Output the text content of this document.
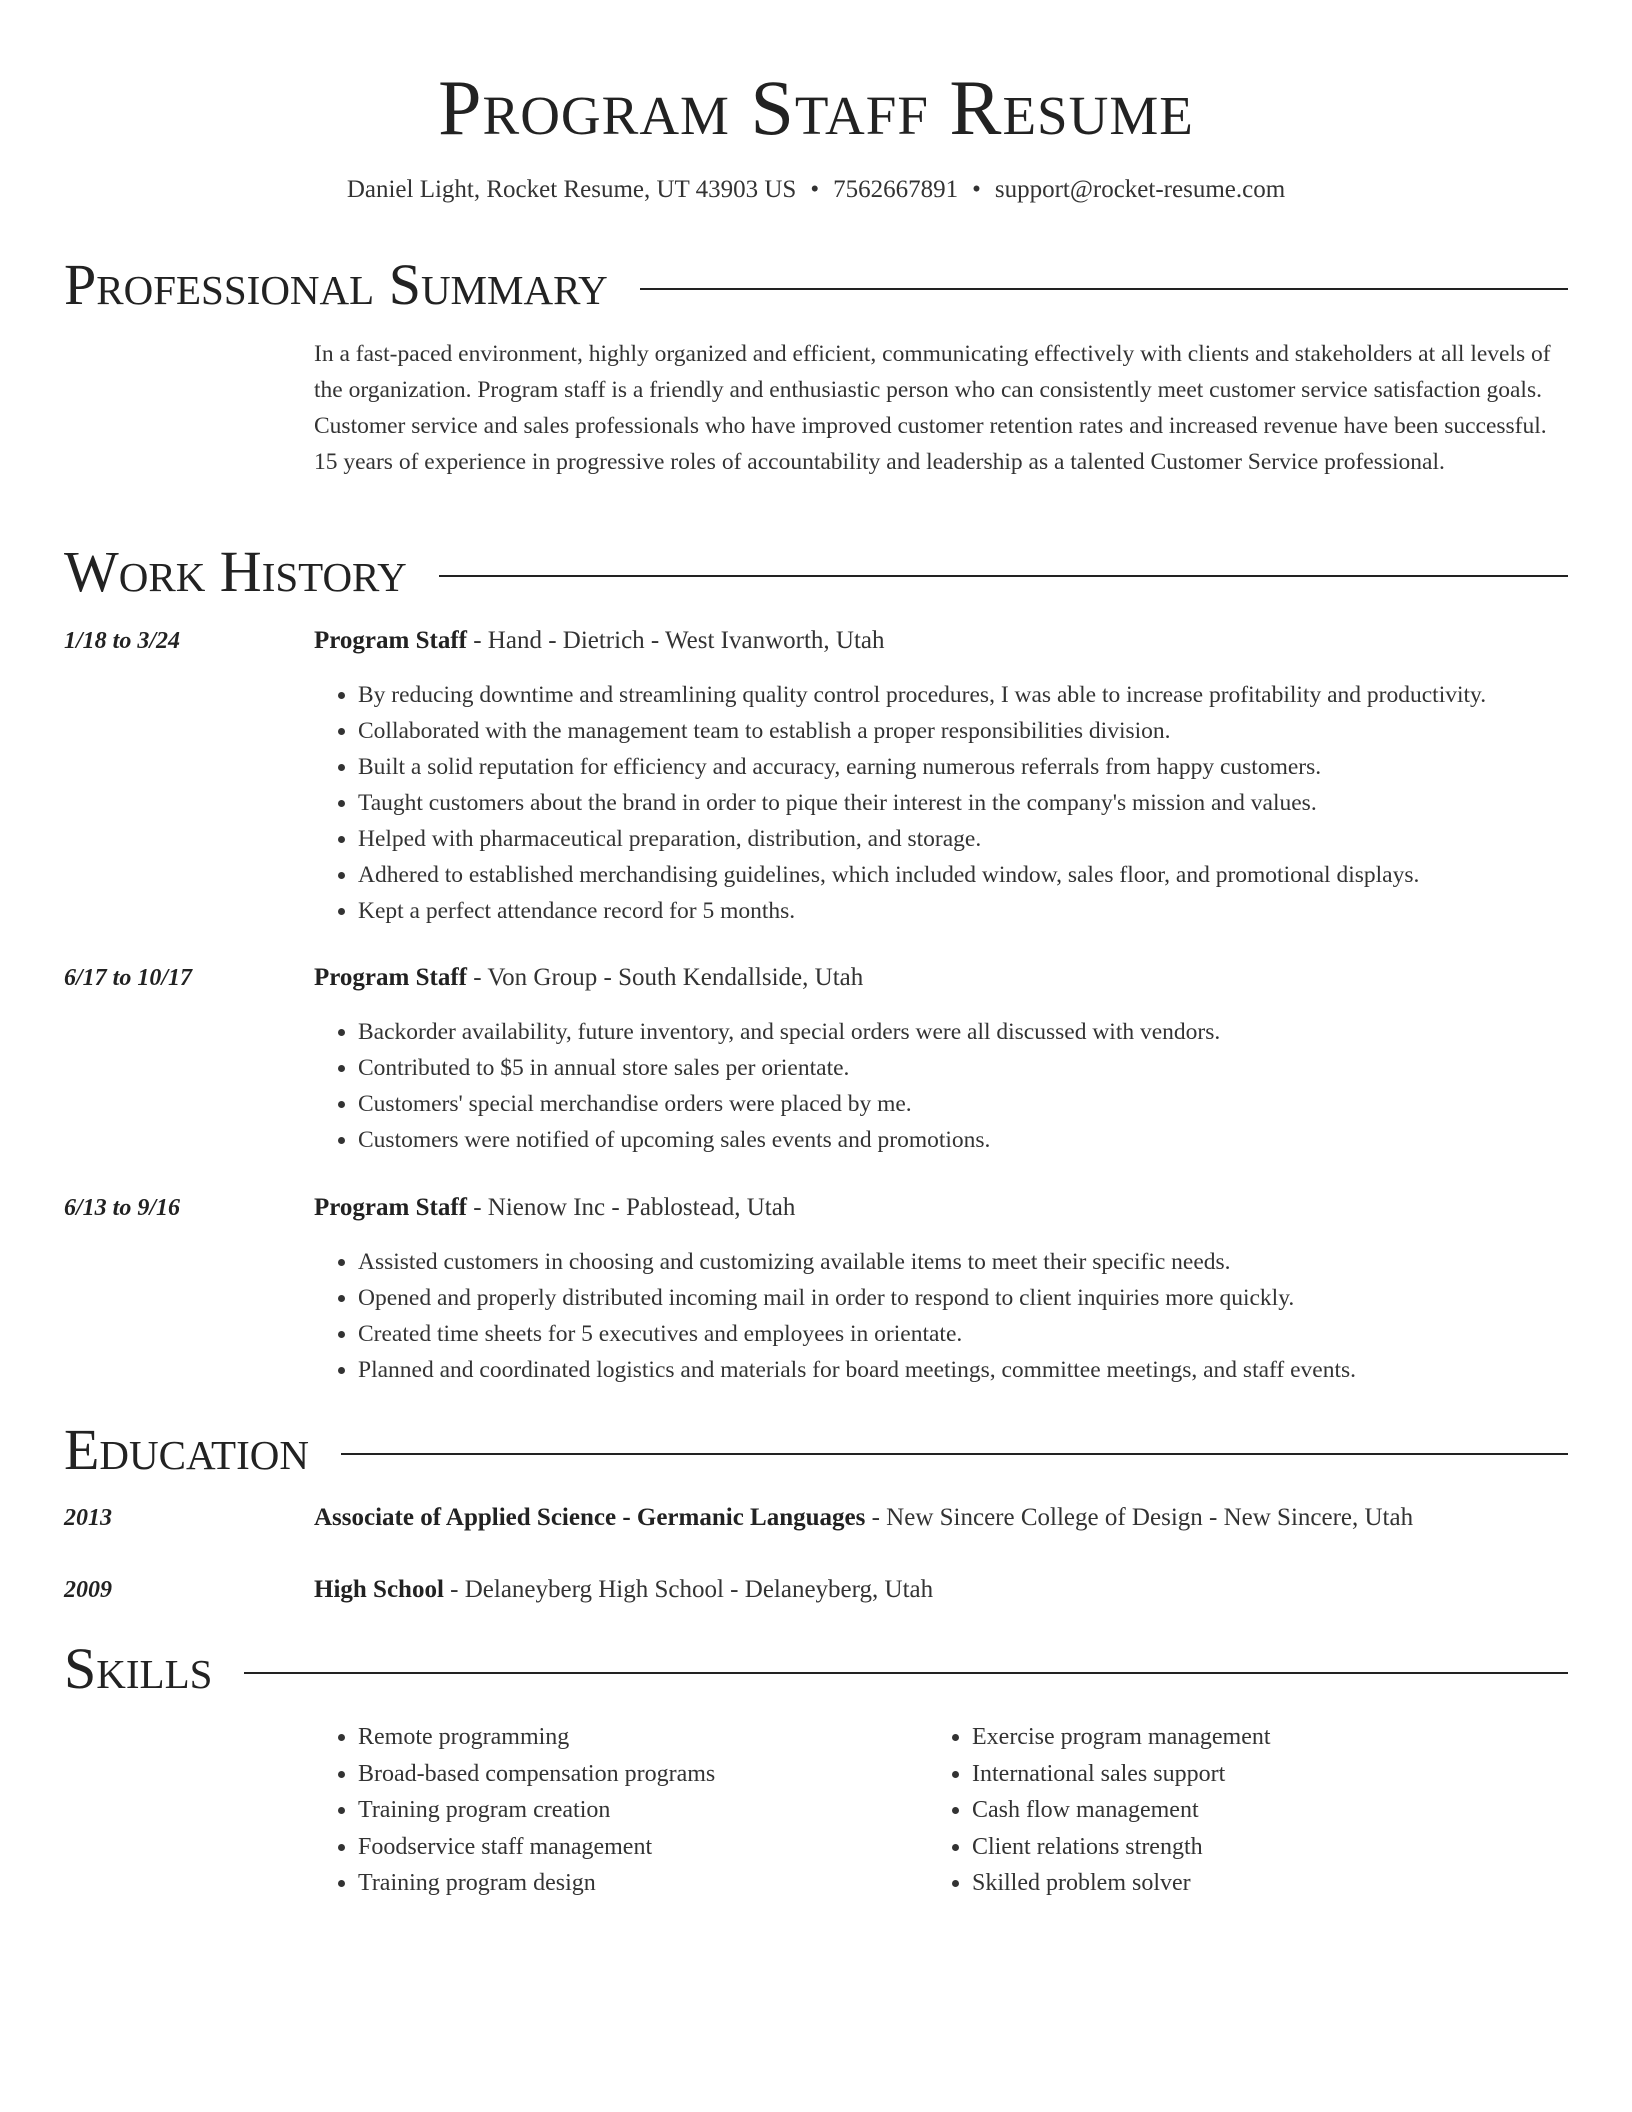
Program Staff Resume
Daniel Light, Rocket Resume, UT 43903 US • 7562667891 • support@rocket-resume.com
Professional Summary

In a fast-paced environment, highly organized and efficient, communicating effectively with clients and stakeholders at all levels of the organization. Program staff is a friendly and enthusiastic person who can consistently meet customer service satisfaction goals. Customer service and sales professionals who have improved customer retention rates and increased revenue have been successful. 15 years of experience in progressive roles of accountability and leadership as a talented Customer Service professional.

Work History
1/18 to 3/24	Program Staff - Hand - Dietrich - West Ivanworth, Utah
• By reducing downtime and streamlining quality control procedures, I was able to increase profitability and productivity.
• Collaborated with the management team to establish a proper responsibilities division.
• Built a solid reputation for efficiency and accuracy, earning numerous referrals from happy customers.
• Taught customers about the brand in order to pique their interest in the company's mission and values.
• Helped with pharmaceutical preparation, distribution, and storage.
• Adhered to established merchandising guidelines, which included window, sales floor, and promotional displays.
• Kept a perfect attendance record for 5 months.
6/17 to 10/17	Program Staff - Von Group - South Kendallside, Utah
• Backorder availability, future inventory, and special orders were all discussed with vendors.
• Contributed to $5 in annual store sales per orientate.
• Customers' special merchandise orders were placed by me.
• Customers were notified of upcoming sales events and promotions.
6/13 to 9/16	Program Staff - Nienow Inc - Pablostead, Utah
• Assisted customers in choosing and customizing available items to meet their specific needs.
• Opened and properly distributed incoming mail in order to respond to client inquiries more quickly.
• Created time sheets for 5 executives and employees in orientate.
• Planned and coordinated logistics and materials for board meetings, committee meetings, and staff events.
Education
2013	Associate of Applied Science - Germanic Languages - New Sincere College of Design - New Sincere, Utah
2009	High School - Delaneyberg High School - Delaneyberg, Utah
Skills
• Remote programming
• Broad-based compensation programs
• Training program creation
• Foodservice staff management
• Training program design
• Exercise program management
• International sales support
• Cash flow management
• Client relations strength
• Skilled problem solver
